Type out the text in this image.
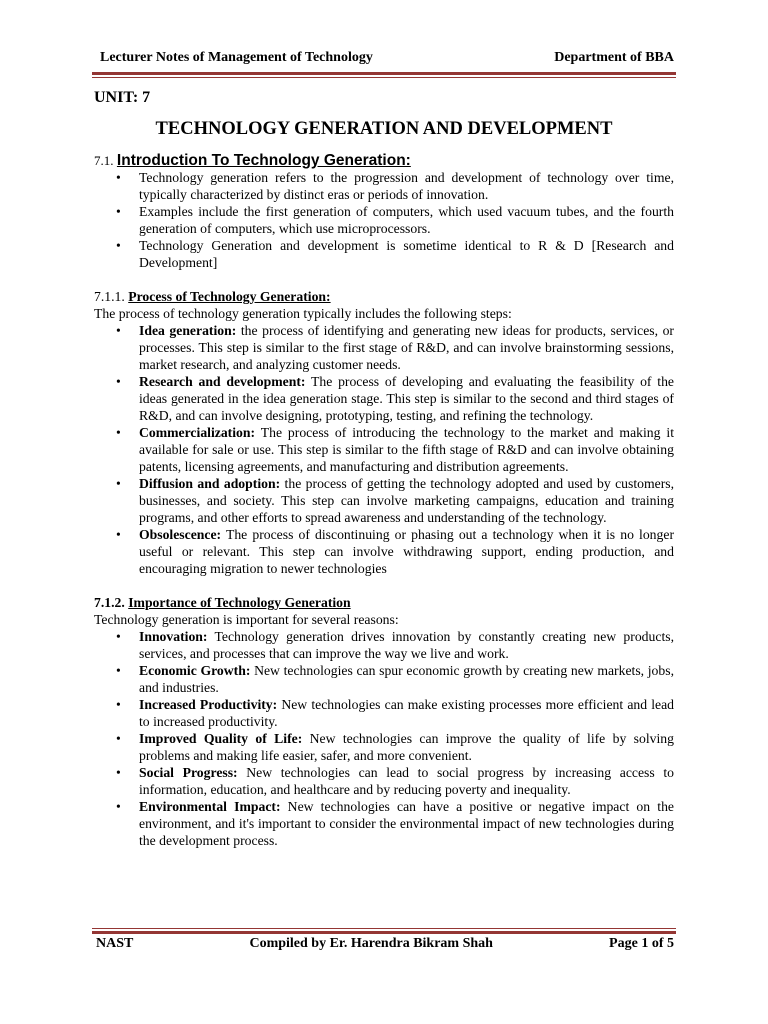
Lecturer Notes of Management of Technology	Department of BBA
UNIT: 7
TECHNOLOGY GENERATION AND DEVELOPMENT

7.1. Introduction To Technology Generation:

• Technology generation refers to the progression and development of technology over time, typically characterized by distinct eras or periods of innovation.
• Examples include the first generation of computers, which used vacuum tubes, and the fourth generation of computers, which use microprocessors.
• Technology Generation and development is sometime identical to R & D [Research and Development]

7.1.1. Process of Technology Generation:

The process of technology generation typically includes the following steps:

• Idea generation: the process of identifying and generating new ideas for products, services, or processes. This step is similar to the first stage of R&D, and can involve brainstorming sessions, market research, and analyzing customer needs.
• Research and development: The process of developing and evaluating the feasibility of the ideas generated in the idea generation stage. This step is similar to the second and third stages of R&D, and can involve designing, prototyping, testing, and refining the technology.
• Commercialization: The process of introducing the technology to the market and making it available for sale or use. This step is similar to the fifth stage of R&D and can involve obtaining patents, licensing agreements, and manufacturing and distribution agreements.
• Diffusion and adoption: the process of getting the technology adopted and used by customers, businesses, and society. This step can involve marketing campaigns, education and training programs, and other efforts to spread awareness and understanding of the technology.
• Obsolescence: The process of discontinuing or phasing out a technology when it is no longer useful or relevant. This step can involve withdrawing support, ending production, and encouraging migration to newer technologies

7.1.2. Importance of Technology Generation

Technology generation is important for several reasons:

• Innovation: Technology generation drives innovation by constantly creating new products, services, and processes that can improve the way we live and work.
• Economic Growth: New technologies can spur economic growth by creating new markets, jobs, and industries.
• Increased Productivity: New technologies can make existing processes more efficient and lead to increased productivity.
• Improved Quality of Life: New technologies can improve the quality of life by solving problems and making life easier, safer, and more convenient.
• Social Progress: New technologies can lead to social progress by increasing access to information, education, and healthcare and by reducing poverty and inequality.
• Environmental Impact: New technologies can have a positive or negative impact on the environment, and it's important to consider the environmental impact of new technologies during the development process.
NAST	Compiled by Er. Harendra Bikram Shah	Page 1 of 5
